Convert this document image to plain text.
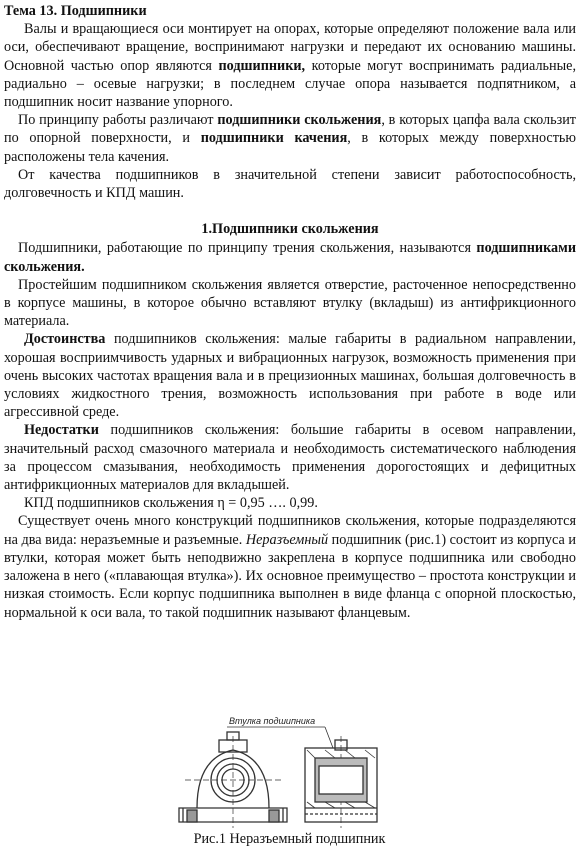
Тема 13. Подшипники

Валы и вращающиеся оси монтирует на опорах, которые определяют положение вала или оси, обеспечивают вращение, воспринимают нагрузки и передают их основанию машины. Основной частью опор являются подшипники, которые могут воспринимать радиальные, радиально – осевые нагрузки; в последнем случае опора называется подпятником, а подшипник носит название упорного.

По принципу работы различают подшипники скольжения, в которых цапфа вала скользит по опорной поверхности, и подшипники качения, в которых между поверхностью расположены тела качения.

От качества подшипников в значительной степени зависит работоспособность, долговечность и КПД машин.

1.Подшипники скольжения

Подшипники, работающие по принципу трения скольжения, называются подшипниками скольжения.

Простейшим подшипником скольжения является отверстие, расточенное непосредственно в корпусе машины, в которое обычно вставляют втулку (вкладыш) из антифрикционного материала.

Достоинства подшипников скольжения: малые габариты в радиальном направлении, хорошая восприимчивость ударных и вибрационных нагрузок, возможность применения при очень высоких частотах вращения вала и в прецизионных машинах, большая долговечность в условиях жидкостного трения, возможность использования при работе в воде или агрессивной среде.

Недостатки подшипников скольжения: большие габариты в осевом направлении, значительный расход смазочного материала и необходимость систематического наблюдения за процессом смазывания, необходимость применения дорогостоящих и дефицитных антифрикционных материалов для вкладышей.

КПД подшипников скольжения η = 0,95 …. 0,99.

Существует очень много конструкций подшипников скольжения, которые подразделяются на два вида: неразъемные и разъемные. Неразъемный подшипник (рис.1) состоит из корпуса и втулки, которая может быть неподвижно закреплена в корпусе подшипника или свободно заложена в него («плавающая втулка»). Их основное преимущество – простота конструкции и низкая стоимость. Если корпус подшипника выполнен в виде фланца с опорной плоскостью, нормальной к оси вала, то такой подшипник называют фланцевым.

Втулка подшипника
Рис.1 Неразъемный подшипник
